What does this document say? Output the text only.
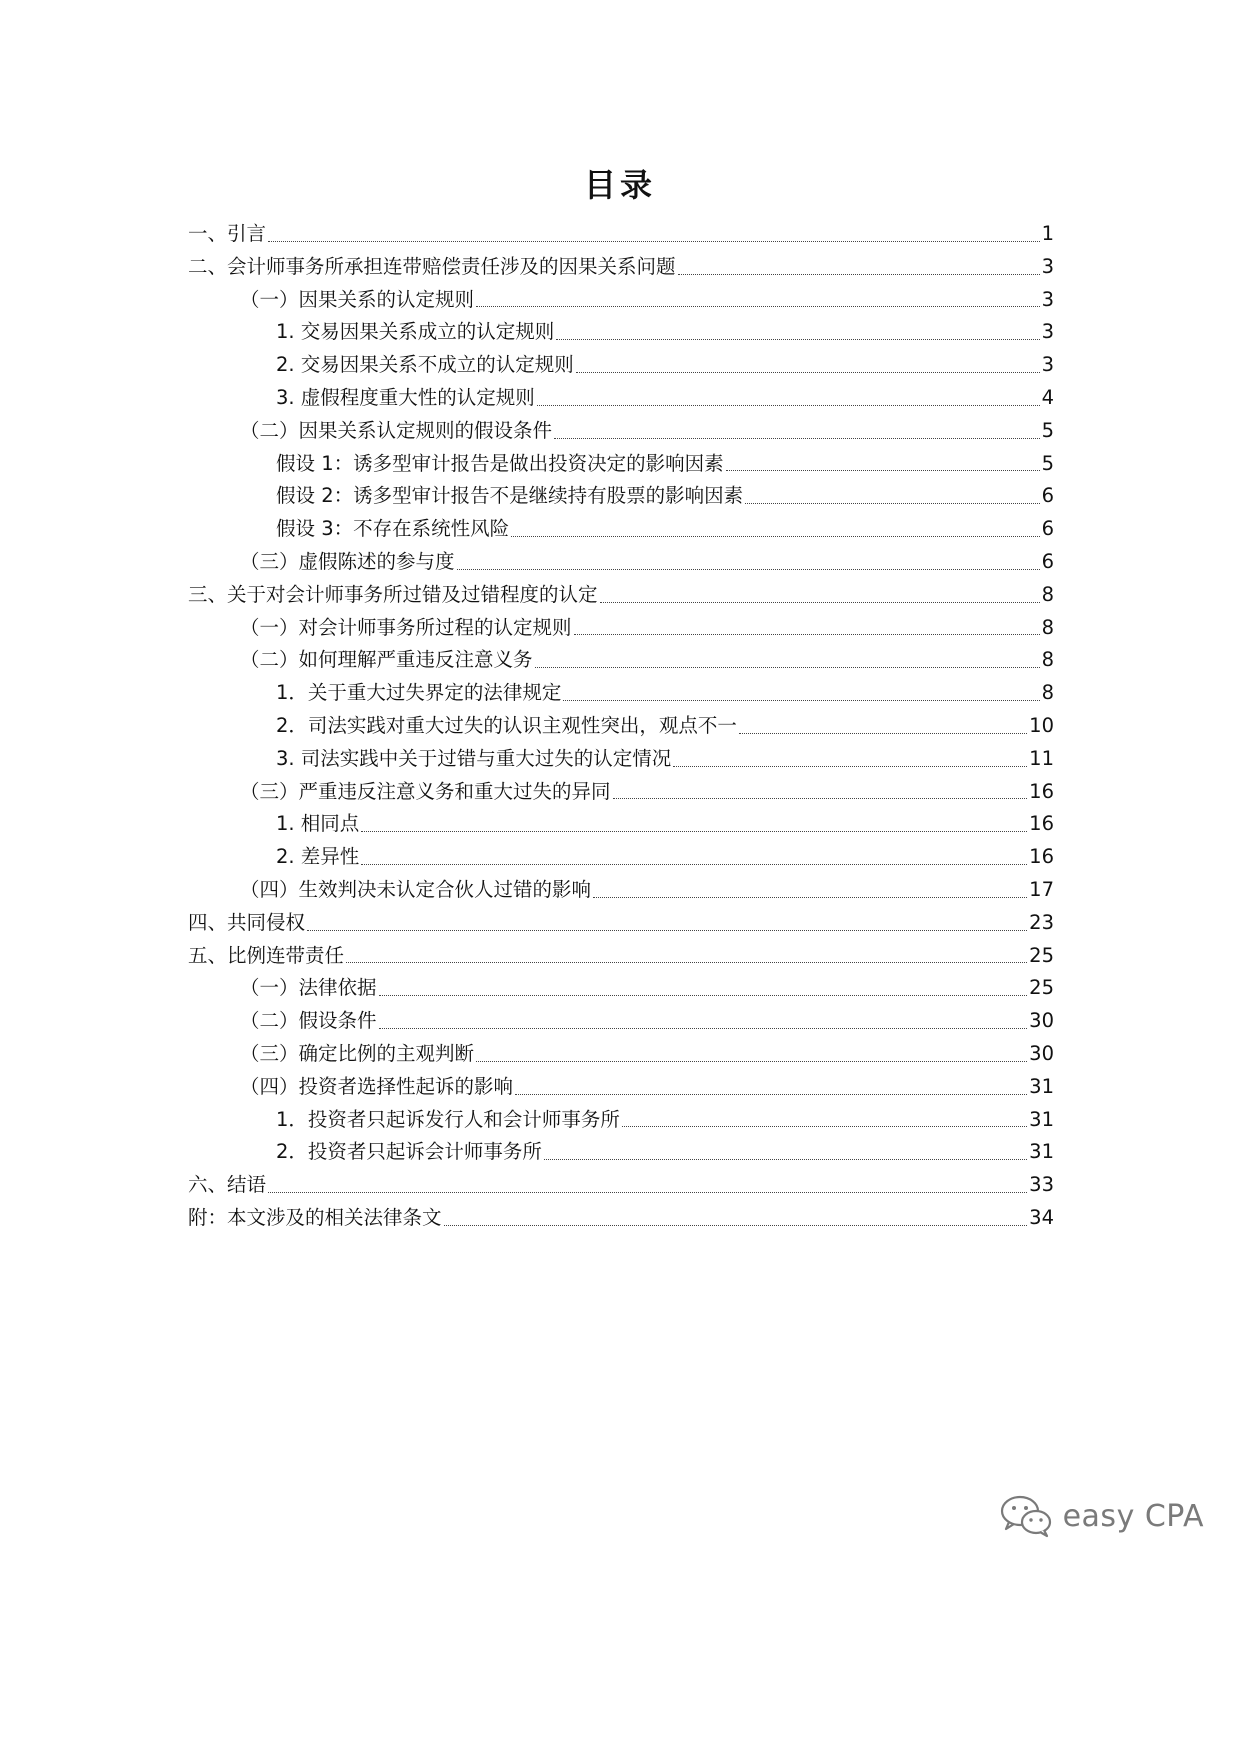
目录
一、引言	1
二、会计师事务所承担连带赔偿责任涉及的因果关系问题	3
（一）因果关系的认定规则	3
1. 交易因果关系成立的认定规则	3
2. 交易因果关系不成立的认定规则	3
3. 虚假程度重大性的认定规则	4
（二）因果关系认定规则的假设条件	5
假设 1：诱多型审计报告是做出投资决定的影响因素	5
假设 2：诱多型审计报告不是继续持有股票的影响因素	6
假设 3：不存在系统性风险	6
（三）虚假陈述的参与度	6
三、关于对会计师事务所过错及过错程度的认定	8
（一）对会计师事务所过程的认定规则	8
（二）如何理解严重违反注意义务	8
1．关于重大过失界定的法律规定	8
2．司法实践对重大过失的认识主观性突出，观点不一	10
3. 司法实践中关于过错与重大过失的认定情况	11
（三）严重违反注意义务和重大过失的异同	16
1. 相同点	16
2. 差异性	16
（四）生效判决未认定合伙人过错的影响	17
四、共同侵权	23
五、比例连带责任	25
（一）法律依据	25
（二）假设条件	30
（三）确定比例的主观判断	30
（四）投资者选择性起诉的影响	31
1．投资者只起诉发行人和会计师事务所	31
2．投资者只起诉会计师事务所	31
六、结语	33
附：本文涉及的相关法律条文	34
easy CPA
